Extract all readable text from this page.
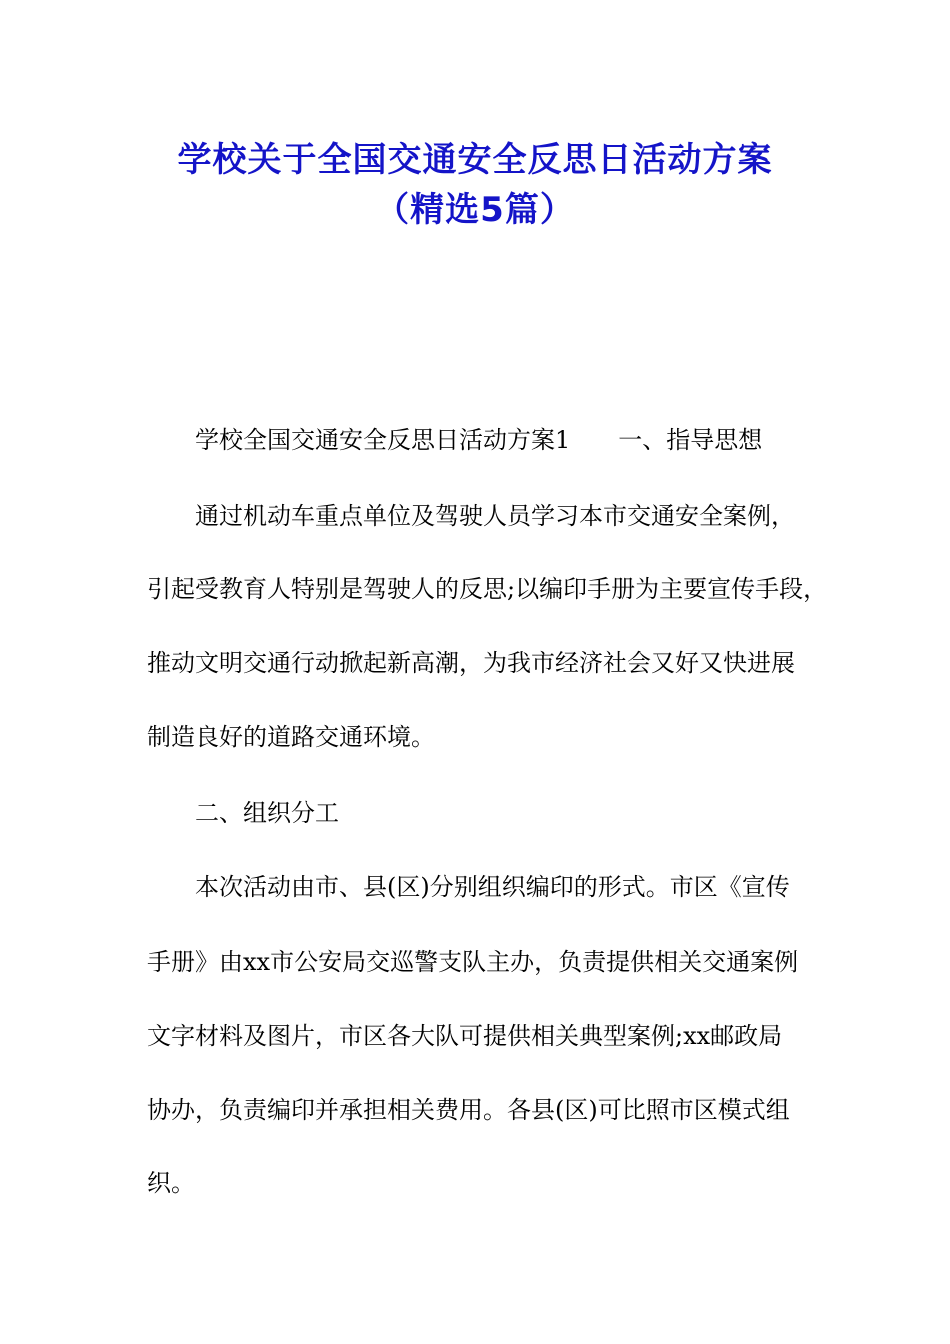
学校关于全国交通安全反思日活动方案
（精选5篇）
学校全国交通安全反思日活动方案1　　一、指导思想
通过机动车重点单位及驾驶人员学习本市交通安全案例，
引起受教育人特别是驾驶人的反思;以编印手册为主要宣传手段，
推动文明交通行动掀起新高潮，为我市经济社会又好又快进展
制造良好的道路交通环境。
二、组织分工
本次活动由市、县(区)分别组织编印的形式。市区《宣传
手册》由xx市公安局交巡警支队主办，负责提供相关交通案例
文字材料及图片，市区各大队可提供相关典型案例;xx邮政局
协办，负责编印并承担相关费用。各县(区)可比照市区模式组
织。
